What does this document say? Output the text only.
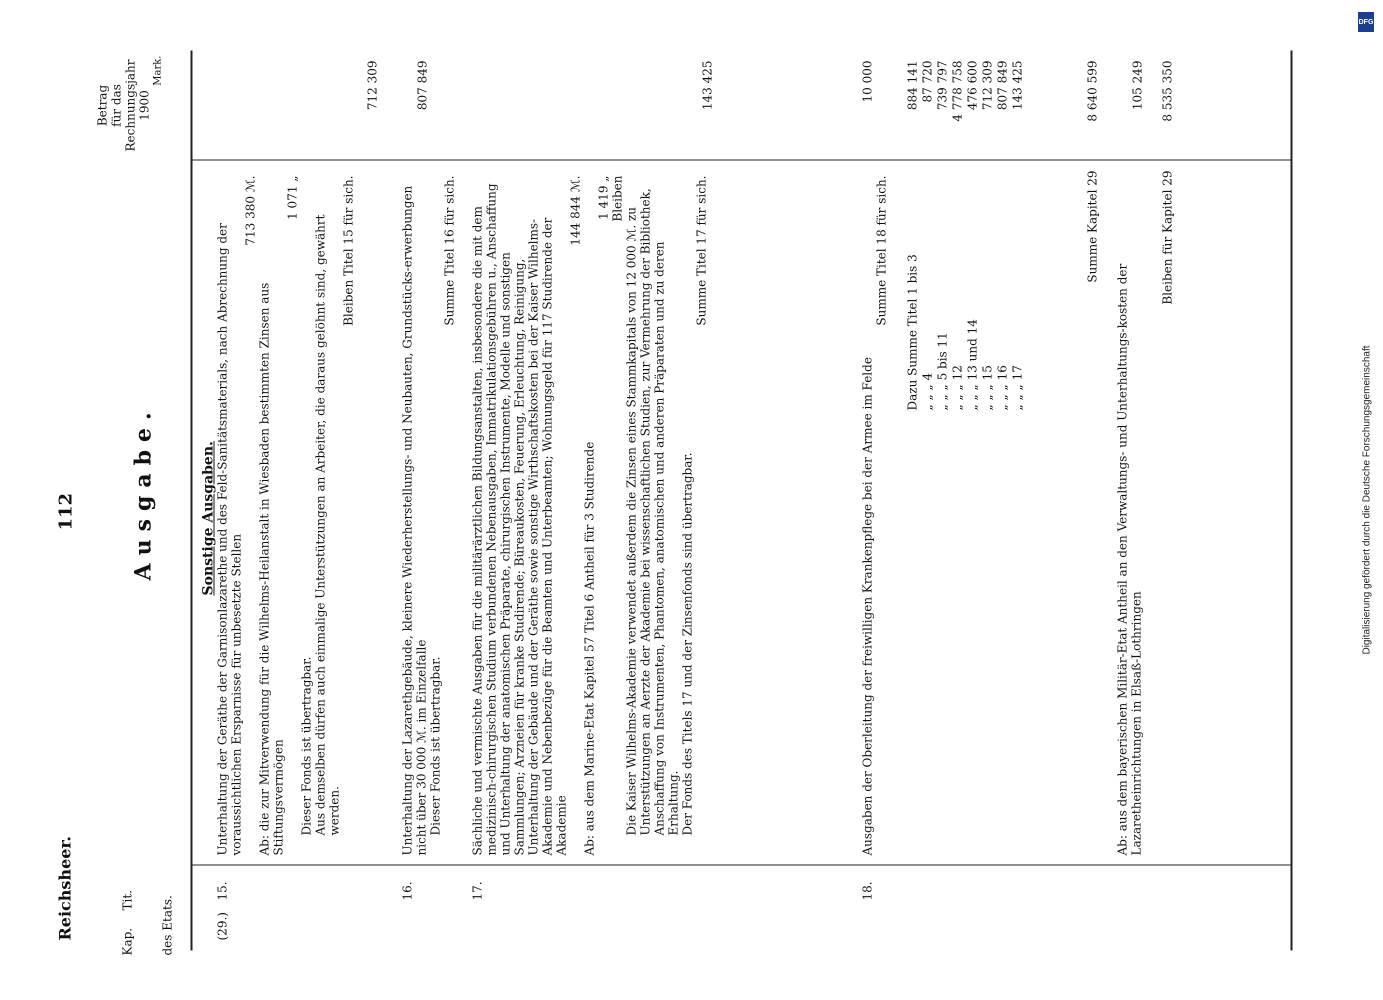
Reichsheer.
112 Ausgabe.
Kap.
Tit. des Etats.
Betrag für das Rechnungsjahr 1900
Mark.
Sonstige Ausgaben.
(29.)
15.
Unterhaltung der Geräthe der Garnisonlazarethe und des Feld-Sanitätsmaterials, nach Abrechnung der voraussichtlichen Ersparnisse für unbesetzte Stellen
713 380 ℳ.
Ab: die zur Mitverwendung für die Wilhelms-Heilanstalt in Wiesbaden bestimmten Zinsen aus Stiftungsvermögen
1 071 „
Dieser Fonds ist übertragbar. Aus demselben dürfen auch einmalige Unterstützungen an Arbeiter, die daraus gelöhnt sind, gewährt werden.
Bleiben Titel 15 für sich.
712 309
16.
Unterhaltung der Lazarethgebäude, kleinere Wiederherstellungs- und Neubauten, Grundstücks-erwerbungen nicht über 30 000 ℳ. im Einzelfalle Dieser Fonds ist übertragbar.
Summe Titel 16 für sich.
807 849
17.
Sächliche und vermischte Ausgaben für die militärärztlichen Bildungsanstalten, insbesondere die mit dem medizinisch-chirurgischen Studium verbundenen Nebenausgaben, Immatrikulationsgebühren u., Anschaffung und Unterhaltung der anatomischen Präparate, chirurgischen Instrumente, Modelle und sonstigen Sammlungen; Arzneien für kranke Studirende; Büreaukosten, Feuerung, Erleuchtung, Reinigung, Unterhaltung der Gebäude und der Geräthe sowie sonstige Wirthschaftskosten bei der Kaiser Wilhelms-Akademie und Nebenbezüge für die Beamten und Unterbeamten; Wohnungsgeld für 117 Studirende der Akademie
144 844 ℳ.
Ab: aus dem Marine-Etat Kapitel 57 Titel 6 Antheil für 3 Studirende
1 419 „ Bleiben
Die Kaiser Wilhelms-Akademie verwendet außerdem die Zinsen eines Stammkapitals von 12 000 ℳ. zu Unterstützungen an Aerzte der Akademie bei wissenschaftlichen Studien, zur Vermehrung der Bibliothek, Anschaffung von Instrumenten, Phantomen, anatomischen und anderen Präparaten und zu deren Erhaltung. Der Fonds des Titels 17 und der Zinsenfonds sind übertragbar.
Summe Titel 17 für sich.
143 425
18.
Ausgaben der Oberleitung der freiwilligen Krankenpflege bei der Armee im Felde
Summe Titel 18 für sich.
10 000
Dazu Summe Titel 1 bis 3 „ „ „ 4 „ „ „ 5 bis 11 „ „ „ 12 „ „ „ 13 und 14 „ „ „ 15 „ „ „ 16 „ „ „ 17
884 141 87 720 739 797 4 778 758 476 600 712 309 807 849 143 425
Summe Kapitel 29
8 640 599
Ab: aus dem bayerischen Militär-Etat Antheil an den Verwaltungs- und Unterhaltungs-kosten der Lazaretheinrichtungen in Elsaß-Lothringen
105 249
Bleiben für Kapitel 29
8 535 350
DFG
Digitalisierung gefördert durch die Deutsche Forschungsgemeinschaft
